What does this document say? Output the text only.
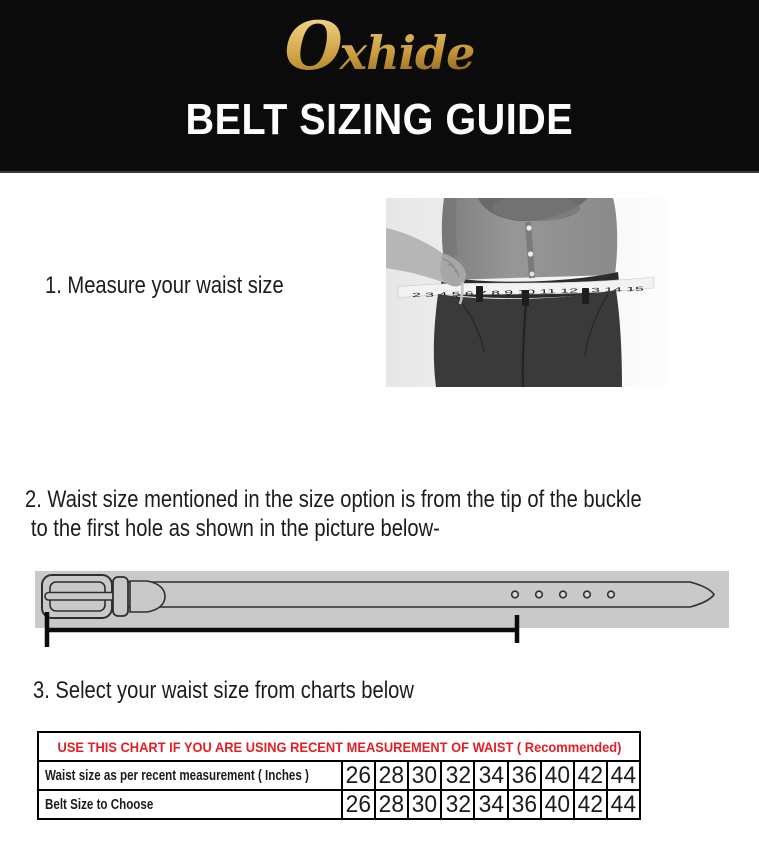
Oxhide
BELT SIZING GUIDE
1. Measure your waist size	2 3 4 5 6 7 8 9 10 11 12 13 14 15
2. Waist size mentioned in the size option is from the tip of the buckle
to the first hole as shown in the picture below-
3. Select your waist size from charts below
USE THIS CHART IF YOU ARE USING RECENT MEASUREMENT OF WAIST ( Recommended)
Waist size as per recent measurement ( Inches ) 26 28 30 32 34 36 40 42 44
Belt Size to Choose	26 28 30 32 34 36 40 42 44
